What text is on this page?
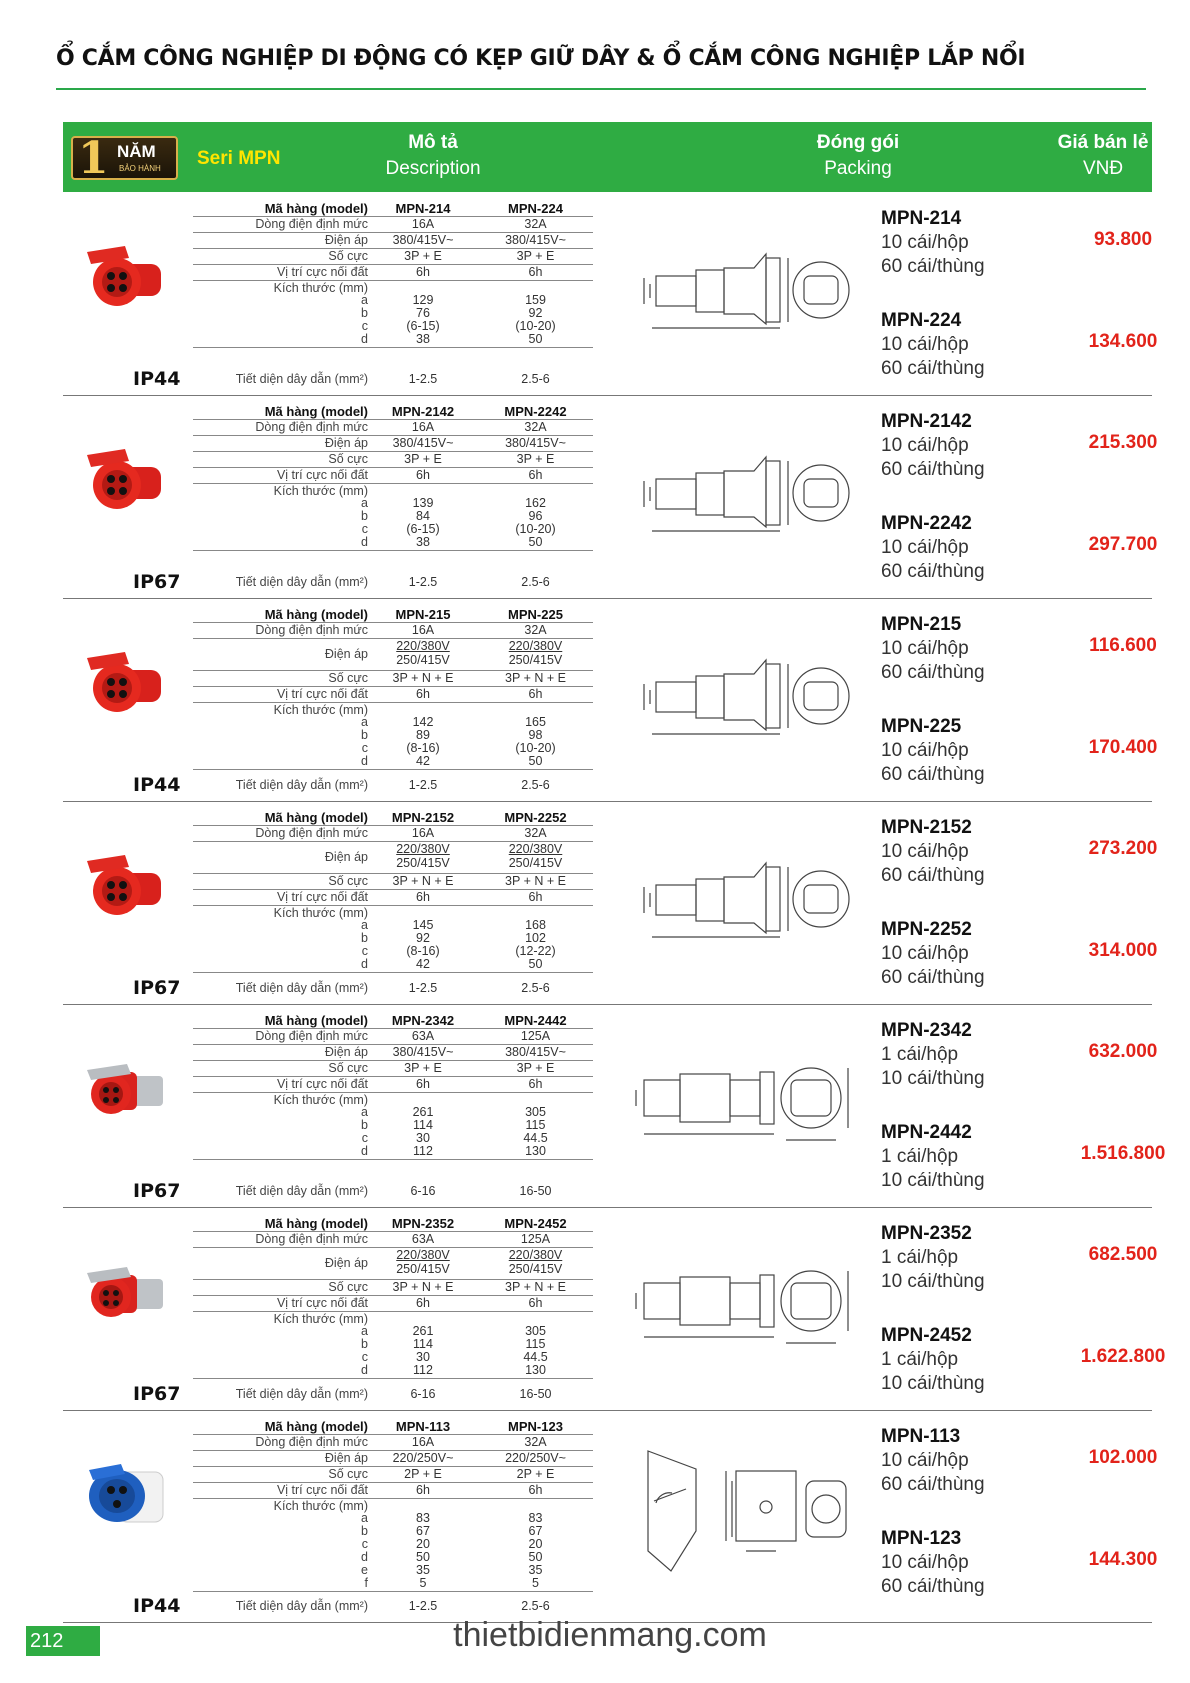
Ổ CẮM CÔNG NGHIỆP DI ĐỘNG CÓ KẸP GIỮ DÂY & Ổ CẮM CÔNG NGHIỆP LẮP NỔI
1 NĂM
BẢO HÀNH Seri MPN
Mô tả
Description
Đóng gói
Packing
Giá bán lẻ
VNĐ
IP44
Mã hàng (model)	MPN-214	MPN-224
Dòng điện định mức	16A	32A
Điện áp	380/415V~	380/415V~
Số cực	3P + E	3P + E
Vị trí cực nối đất	6h	6h
Kích thước (mm)
a	129	159
b	76	92
c	(6-15)	(10-20)
d	38	50
Tiết diện dây dẫn (mm²)	1-2.5	2.5-6
MPN-214
10 cái/hộp
60 cái/thùng
93.800
MPN-224
10 cái/hộp
60 cái/thùng
134.600
IP67
Mã hàng (model)	MPN-2142	MPN-2242
Dòng điện định mức	16A	32A
Điện áp	380/415V~	380/415V~
Số cực	3P + E	3P + E
Vị trí cực nối đất	6h	6h
Kích thước (mm)
a	139	162
b	84	96
c	(6-15)	(10-20)
d	38	50
Tiết diện dây dẫn (mm²)	1-2.5	2.5-6
MPN-2142
10 cái/hộp
60 cái/thùng
215.300
MPN-2242
10 cái/hộp
60 cái/thùng
297.700
IP44
Mã hàng (model)	MPN-215	MPN-225
Dòng điện định mức	16A	32A
Điện áp
220/380V	220/380V
250/415V	250/415V
Số cực	3P + N + E	3P + N + E
Vị trí cực nối đất	6h	6h
Kích thước (mm)
a	142	165
b	89	98
c	(8-16)	(10-20)
d	42	50
Tiết diện dây dẫn (mm²)	1-2.5	2.5-6
MPN-215
10 cái/hộp
60 cái/thùng
116.600
MPN-225
10 cái/hộp
60 cái/thùng
170.400
IP67
Mã hàng (model)	MPN-2152	MPN-2252
Dòng điện định mức	16A	32A
Điện áp
220/380V	220/380V
250/415V	250/415V
Số cực	3P + N + E	3P + N + E
Vị trí cực nối đất	6h	6h
Kích thước (mm)
a	145	168
b	92	102
c	(8-16)	(12-22)
d	42	50
Tiết diện dây dẫn (mm²)	1-2.5	2.5-6
MPN-2152
10 cái/hộp
60 cái/thùng
273.200
MPN-2252
10 cái/hộp
60 cái/thùng
314.000
IP67
Mã hàng (model)	MPN-2342	MPN-2442
Dòng điện định mức	63A	125A
Điện áp	380/415V~	380/415V~
Số cực	3P + E	3P + E
Vị trí cực nối đất	6h	6h
Kích thước (mm)
a	261	305
b	114	115
c	30	44.5
d	112	130
Tiết diện dây dẫn (mm²)	6-16	16-50
MPN-2342
1 cái/hộp
10 cái/thùng
632.000
MPN-2442
1 cái/hộp
10 cái/thùng
1.516.800
IP67
Mã hàng (model)	MPN-2352	MPN-2452
Dòng điện định mức	63A	125A
Điện áp
220/380V	220/380V
250/415V	250/415V
Số cực	3P + N + E	3P + N + E
Vị trí cực nối đất	6h	6h
Kích thước (mm)
a	261	305
b	114	115
c	30	44.5
d	112	130
Tiết diện dây dẫn (mm²)	6-16	16-50
MPN-2352
1 cái/hộp
10 cái/thùng
682.500
MPN-2452
1 cái/hộp
10 cái/thùng
1.622.800
IP44
Mã hàng (model)	MPN-113	MPN-123
Dòng điện định mức	16A	32A
Điện áp	220/250V~	220/250V~
Số cực	2P + E	2P + E
Vị trí cực nối đất	6h	6h
Kích thước (mm)
a	83	83
b	67	67
c	20	20
d	50	50
e	35	35
f	5	5
Tiết diện dây dẫn (mm²)	1-2.5	2.5-6
MPN-113
10 cái/hộp
60 cái/thùng
102.000
MPN-123
10 cái/hộp
60 cái/thùng
144.300
212	thietbidienmang.com
